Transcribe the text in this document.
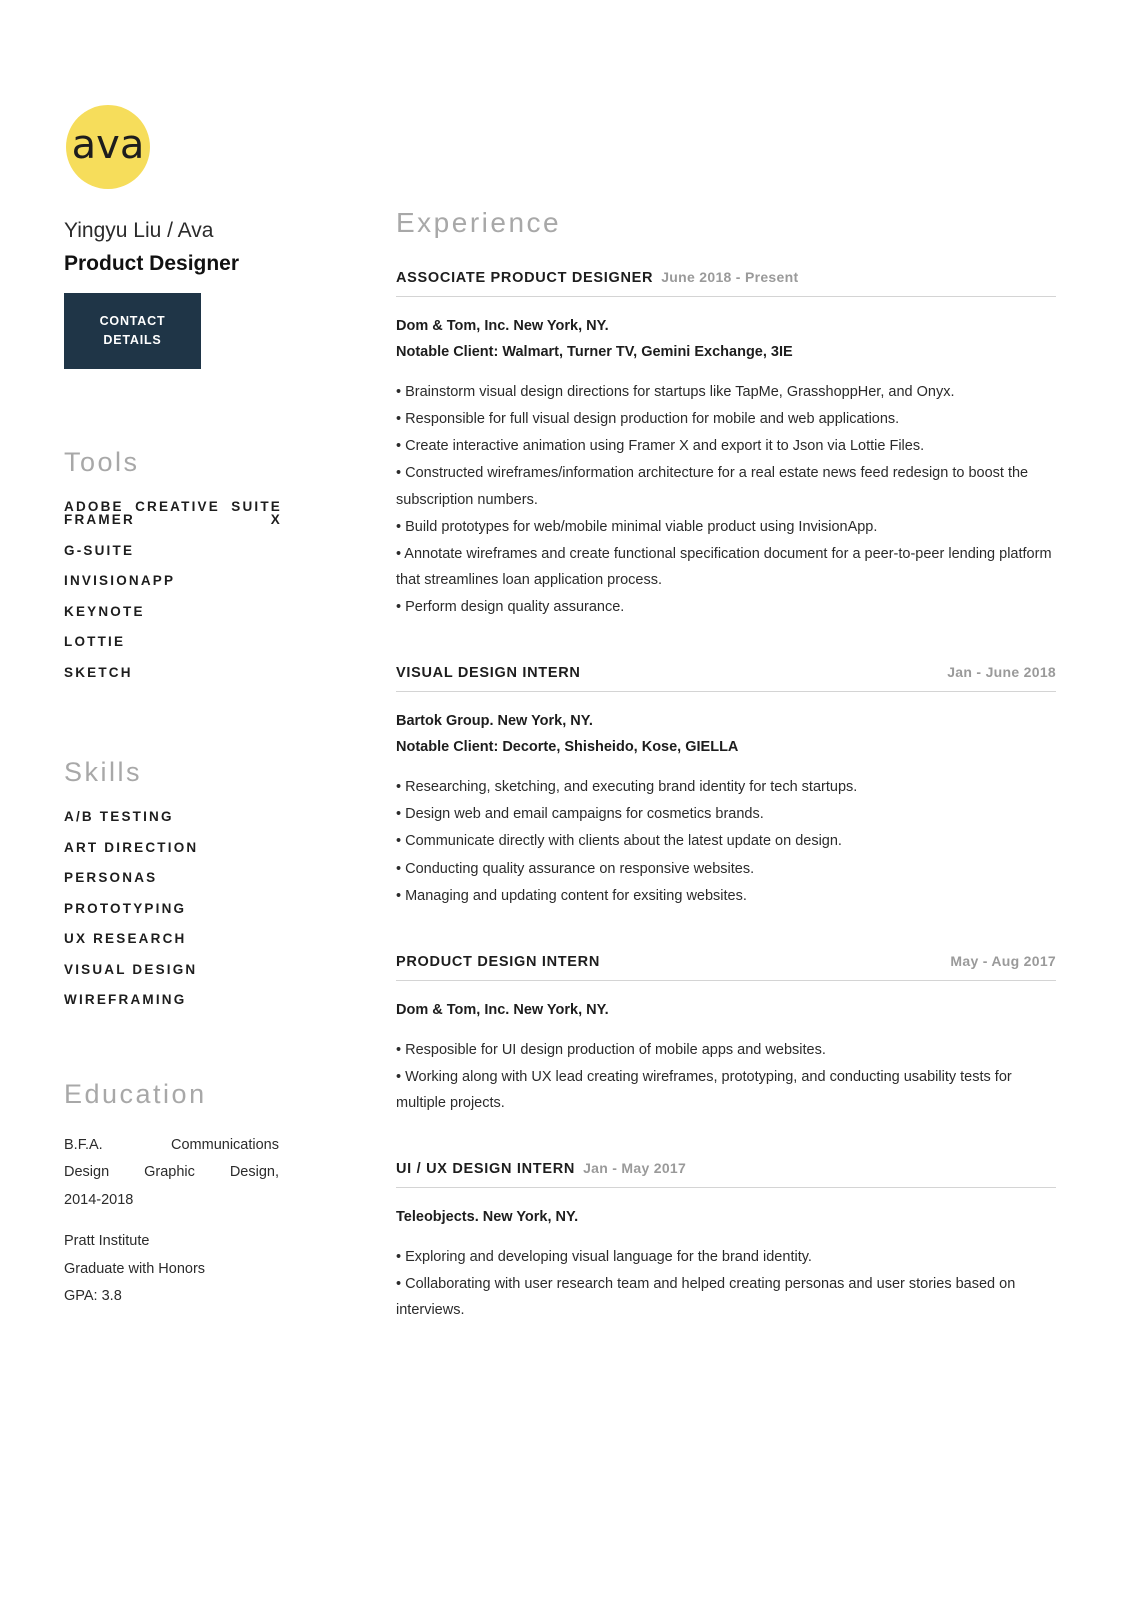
ava
Yingyu Liu / Ava
Product Designer
CONTACT
DETAILS
Tools
ADOBE CREATIVE SUITE FRAMER X
G-SUITE
INVISIONAPP
KEYNOTE
LOTTIE
SKETCH
Skills
A/B TESTING
ART DIRECTION
PERSONAS
PROTOTYPING
UX RESEARCH
VISUAL DESIGN
WIREFRAMING
Education
B.F.A. Communications
Design Graphic Design,
2014-2018
Pratt Institute
Graduate with Honors
GPA: 3.8
Experience
ASSOCIATE PRODUCT DESIGNER June 2018 - Present
Dom & Tom, Inc. New York, NY.
Notable Client: Walmart, Turner TV, Gemini Exchange, 3IE
• Brainstorm visual design directions for startups like TapMe, GrasshoppHer, and Onyx.
• Responsible for full visual design production for mobile and web applications.
• Create interactive animation using Framer X and export it to Json via Lottie Files.
• Constructed wireframes/information architecture for a real estate news feed redesign to boost the subscription numbers.
• Build prototypes for web/mobile minimal viable product using InvisionApp.
• Annotate wireframes and create functional specification document for a peer-to-peer lending platform that streamlines loan application process.
• Perform design quality assurance.
VISUAL DESIGN INTERN	Jan - June 2018
Bartok Group. New York, NY.
Notable Client: Decorte, Shisheido, Kose, GIELLA
• Researching, sketching, and executing brand identity for tech startups.
• Design web and email campaigns for cosmetics brands.
• Communicate directly with clients about the latest update on design.
• Conducting quality assurance on responsive websites.
• Managing and updating content for exsiting websites.
PRODUCT DESIGN INTERN	May - Aug 2017
Dom & Tom, Inc. New York, NY.
• Resposible for UI design production of mobile apps and websites.
• Working along with UX lead creating wireframes, prototyping, and conducting usability tests for multiple projects.
UI / UX DESIGN INTERN Jan - May 2017
Teleobjects. New York, NY.
• Exploring and developing visual language for the brand identity.
• Collaborating with user research team and helped creating personas and user stories based on interviews.
